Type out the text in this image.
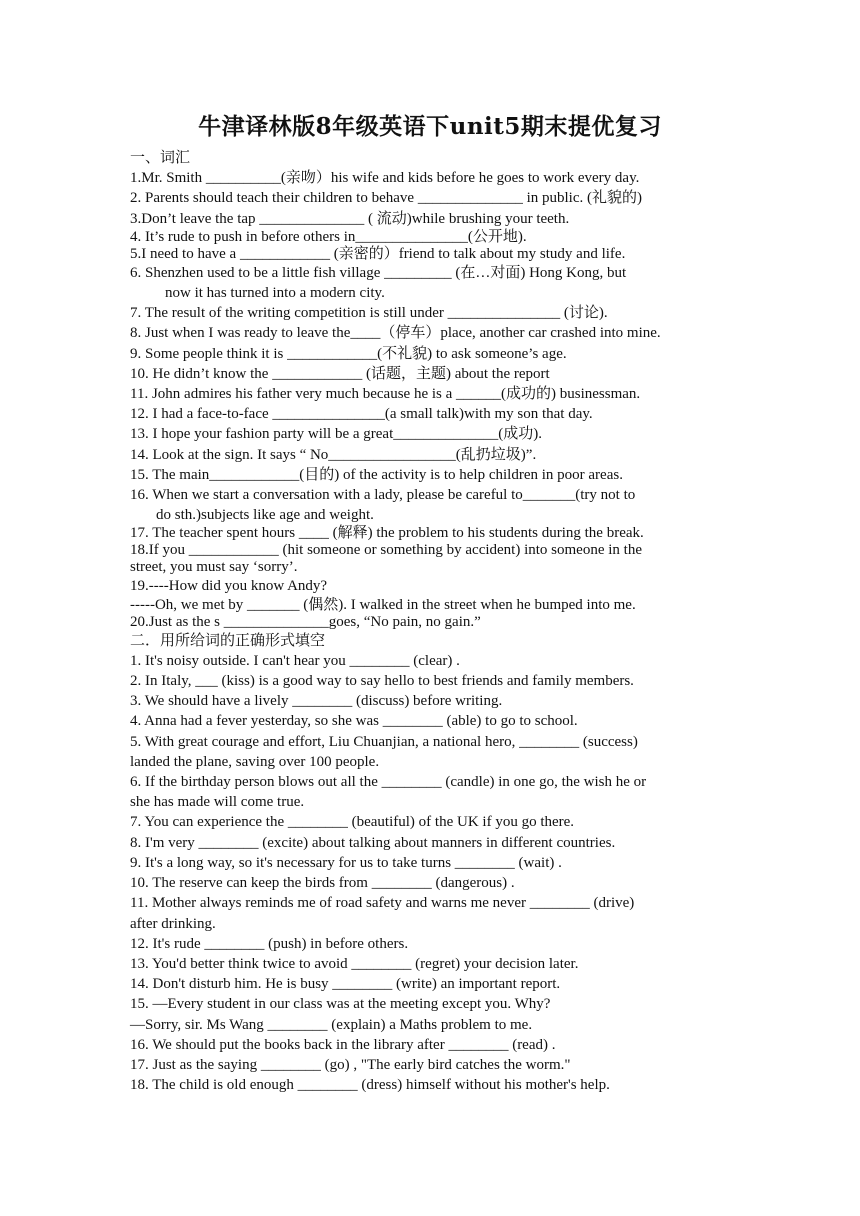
牛津译林版8年级英语下unit5期末提优复习
一、词汇
1.Mr. Smith __________(亲吻）his wife and kids before he goes to work every day.
2. Parents should teach their children to behave ______________ in public. (礼貌的)
3.Don’t leave the tap ______________ ( 流动)while brushing your teeth.
4. It’s rude to push in before others in_______________(公开地).
5.I need to have a ____________ (亲密的）friend to talk about my study and life.
6. Shenzhen used to be a little fish village _________ (在…对面) Hong Kong, but
now it has turned into a modern city.
7. The result of the writing competition is still under _______________ (讨论).
8. Just when I was ready to leave the____（停车）place, another car crashed into mine.
9. Some people think it is ____________(不礼貌) to ask someone’s age.
10. He didn’t know the ____________ (话题，主题) about the report
11. John admires his father very much because he is a ______(成功的) businessman.
12. I had a face-to-face _______________(a small talk)with my son that day.
13. I hope your fashion party will be a great______________(成功).
14. Look at the sign. It says “ No_________________(乱扔垃圾)”.
15. The main____________(目的) of the activity is to help children in poor areas.
16. When we start a conversation with a lady, please be careful to_______(try not to
do sth.)subjects like age and weight.
17. The teacher spent hours ____ (解释) the problem to his students during the break.
18.If you ____________ (hit someone or something by accident) into someone in the
street, you must say ‘sorry’.
19.----How did you know Andy?
-----Oh, we met by _______ (偶然). I walked in the street when he bumped into me.
20.Just as the s ______________goes, “No pain, no gain.”
二．用所给词的正确形式填空
1. It's noisy outside. I can't hear you ________ (clear) .
2. In Italy, ___ (kiss) is a good way to say hello to best friends and family members.
3. We should have a lively ________ (discuss) before writing.
4. Anna had a fever yesterday, so she was ________ (able) to go to school.
5. With great courage and effort, Liu Chuanjian, a national hero, ________ (success)
landed the plane, saving over 100 people.
6. If the birthday person blows out all the ________ (candle) in one go, the wish he or
she has made will come true.
7. You can experience the ________ (beautiful) of the UK if you go there.
8. I'm very ________ (excite) about talking about manners in different countries.
9. It's a long way, so it's necessary for us to take turns ________ (wait) .
10. The reserve can keep the birds from ________ (dangerous) .
11. Mother always reminds me of road safety and warns me never ________ (drive)
after drinking.
12. It's rude ________ (push) in before others.
13. You'd better think twice to avoid ________ (regret) your decision later.
14. Don't disturb him. He is busy ________ (write) an important report.
15. —Every student in our class was at the meeting except you. Why?
—Sorry, sir. Ms Wang ________ (explain) a Maths problem to me.
16. We should put the books back in the library after ________ (read) .
17. Just as the saying ________ (go) , "The early bird catches the worm."
18. The child is old enough ________ (dress) himself without his mother's help.
